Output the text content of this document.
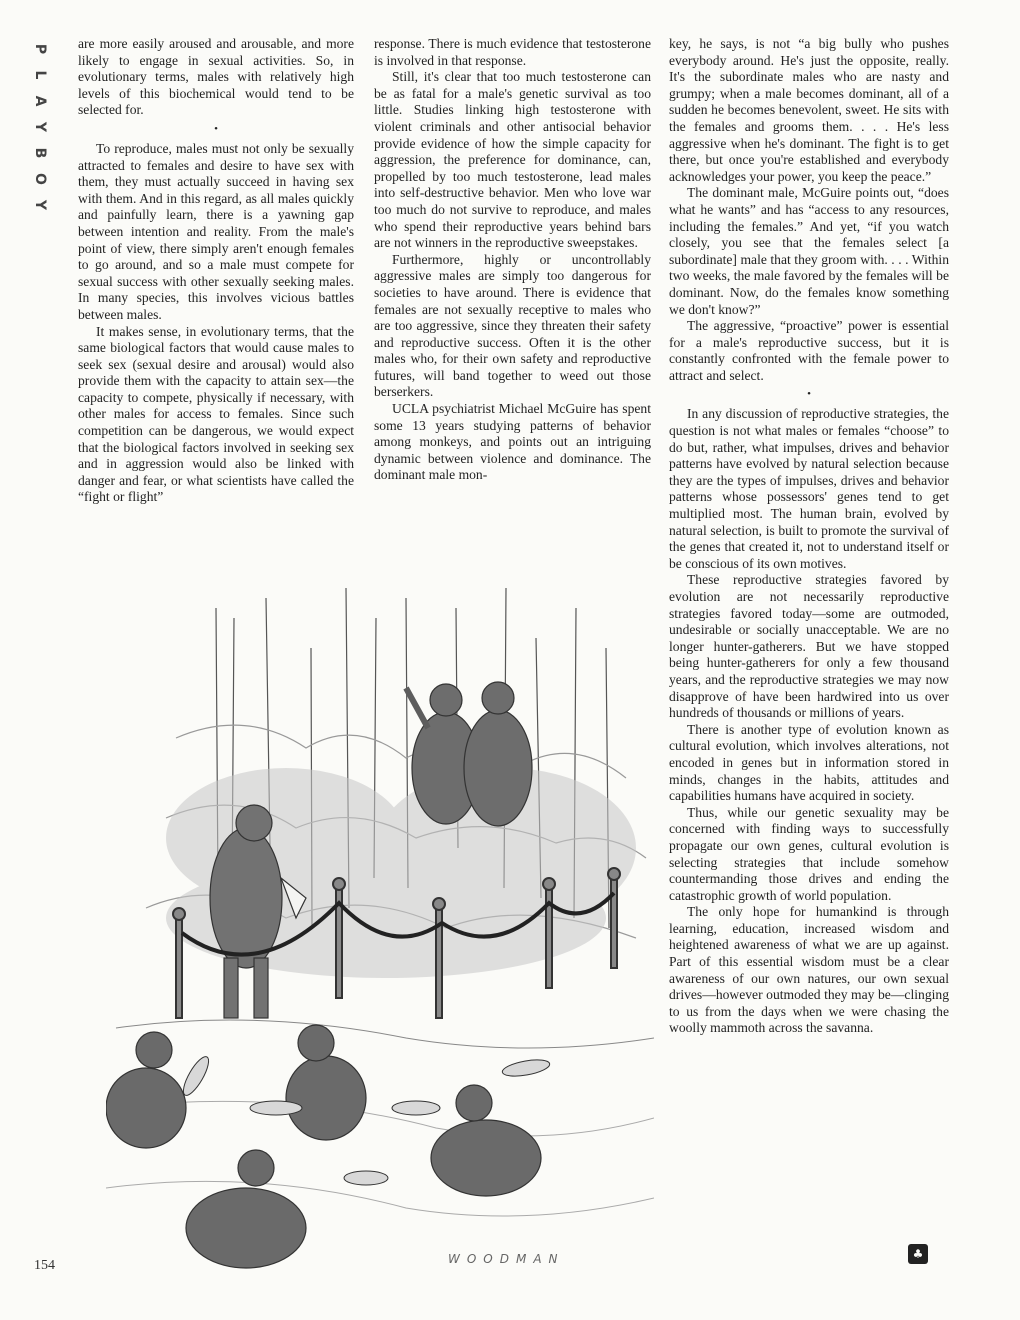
P
L
A
Y
B
O
Y

are more easily aroused and arousable, and more likely to engage in sexual activities. So, in evolutionary terms, males with relatively high levels of this biochemical would tend to be selected for.

•

To reproduce, males must not only be sexually attracted to females and desire to have sex with them, they must actually succeed in having sex with them. And in this regard, as all males quickly and painfully learn, there is a yawning gap between intention and reality. From the male's point of view, there simply aren't enough females to go around, and so a male must compete for sexual success with other sexually seeking males. In many species, this involves vicious battles between males.

It makes sense, in evolutionary terms, that the same biological factors that would cause males to seek sex (sexual desire and arousal) would also provide them with the capacity to attain sex—the capacity to compete, physically if necessary, with other males for access to females. Since such competition can be dangerous, we would expect that the biological factors involved in seeking sex and in aggression would also be linked with danger and fear, or what scientists have called the “fight or flight”

response. There is much evidence that testosterone is involved in that response.

Still, it's clear that too much testosterone can be as fatal for a male's genetic survival as too little. Studies linking high testosterone with violent criminals and other antisocial behavior provide evidence of how the simple capacity for aggression, the preference for dominance, can, propelled by too much testosterone, lead males into self-destructive behavior. Men who love war too much do not survive to reproduce, and males who spend their reproductive years behind bars are not winners in the reproductive sweepstakes.

Furthermore, highly or uncontrollably aggressive males are simply too dangerous for societies to have around. There is evidence that females are not sexually receptive to males who are too aggressive, since they threaten their safety and reproductive success. Often it is the other males who, for their own safety and reproductive futures, will band together to weed out those berserkers.

UCLA psychiatrist Michael McGuire has spent some 13 years studying patterns of behavior among monkeys, and points out an intriguing dynamic between violence and dominance. The dominant male mon-

key, he says, is not “a big bully who pushes everybody around. He's just the opposite, really. It's the subordinate males who are nasty and grumpy; when a male becomes dominant, all of a sudden he becomes benevolent, sweet. He sits with the females and grooms them. . . . He's less aggressive when he's dominant. The fight is to get there, but once you're established and everybody acknowledges your power, you keep the peace.”

The dominant male, McGuire points out, “does what he wants” and has “access to any resources, including the females.” And yet, “if you watch closely, you see that the females select [a subordinate] male that they groom with. . . . Within two weeks, the male favored by the females will be dominant. Now, do the females know something we don't know?”

The aggressive, “proactive” power is essential for a male's reproductive success, but it is constantly confronted with the female power to attract and select.

•

In any discussion of reproductive strategies, the question is not what males or females “choose” to do but, rather, what impulses, drives and behavior patterns have evolved by natural selection because they are the types of impulses, drives and behavior patterns whose possessors' genes tend to get multiplied most. The human brain, evolved by natural selection, is built to promote the survival of the genes that created it, not to understand itself or be conscious of its own motives.

These reproductive strategies favored by evolution are not necessarily reproductive strategies favored today—some are outmoded, undesirable or socially unacceptable. We are no longer hunter-gatherers. But we have stopped being hunter-gatherers for only a few thousand years, and the reproductive strategies we may now disapprove of have been hardwired into us over hundreds of thousands or millions of years.

There is another type of evolution known as cultural evolution, which involves alterations, not encoded in genes but in information stored in minds, changes in the habits, attitudes and capabilities humans have acquired in society.

Thus, while our genetic sexuality may be concerned with finding ways to successfully propagate our own genes, cultural evolution is selecting strategies that include somehow countermanding those drives and ending the catastrophic growth of world population.

The only hope for humankind is through learning, education, increased wisdom and heightened awareness of what we are up against. Part of this essential wisdom must be a clear awareness of our own natures, our own sexual drives—however outmoded they may be—clinging to us from the days when we were chasing the woolly mammoth across the savanna.

WOODMAN
154
♣
